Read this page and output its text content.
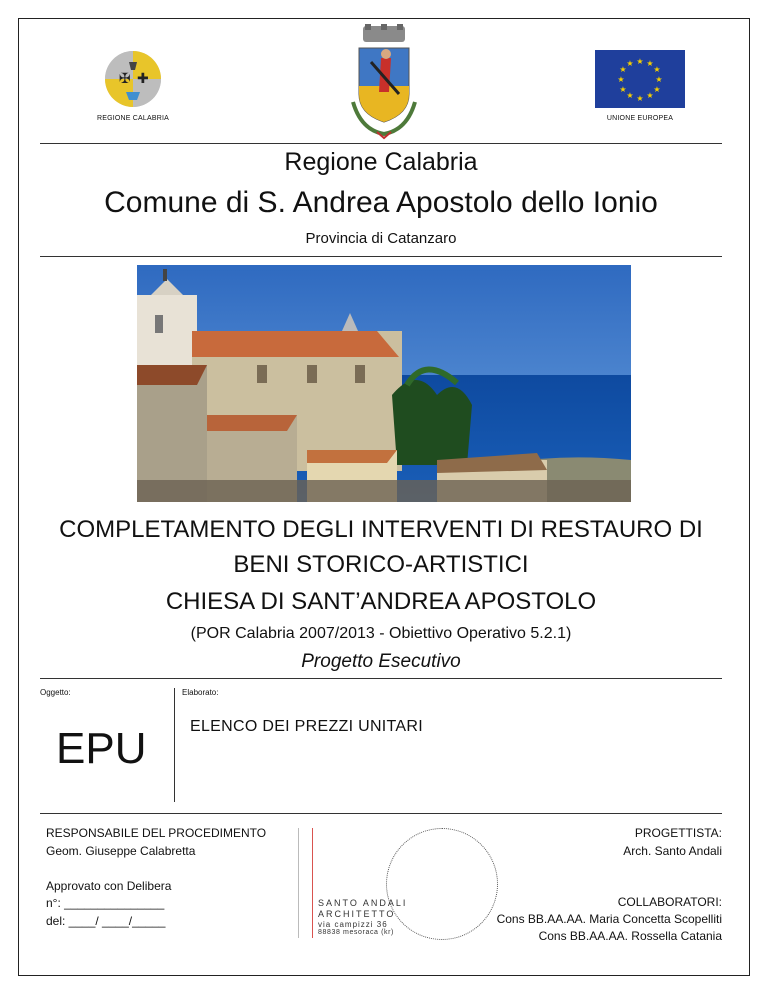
✠ ✚
REGIONE CALABRIA
★ ★
★
★
★
★
★
★
★
★
★
★
UNIONE EUROPEA
Regione Calabria
Comune di S. Andrea Apostolo dello Ionio
Provincia di Catanzaro
COMPLETAMENTO DEGLI INTERVENTI DI RESTAURO DI
BENI STORICO-ARTISTICI
CHIESA DI SANT’ANDREA APOSTOLO
(POR Calabria 2007/2013 - Obiettivo Operativo 5.2.1)
Progetto Esecutivo
Oggetto:
EPU
Elaborato:
ELENCO DEI PREZZI UNITARI
RESPONSABILE DEL PROCEDIMENTO
Geom. Giuseppe Calabretta
Approvato con Delibera
n°: _______________
del: ____/ ____/_____
SANTO ANDALI
ARCHITETTO
via campizzi 36
88838 mesoraca (kr)
PROGETTISTA:
Arch. Santo Andali
COLLABORATORI:
Cons BB.AA.AA. Maria Concetta Scopelliti
Cons BB.AA.AA. Rossella Catania
